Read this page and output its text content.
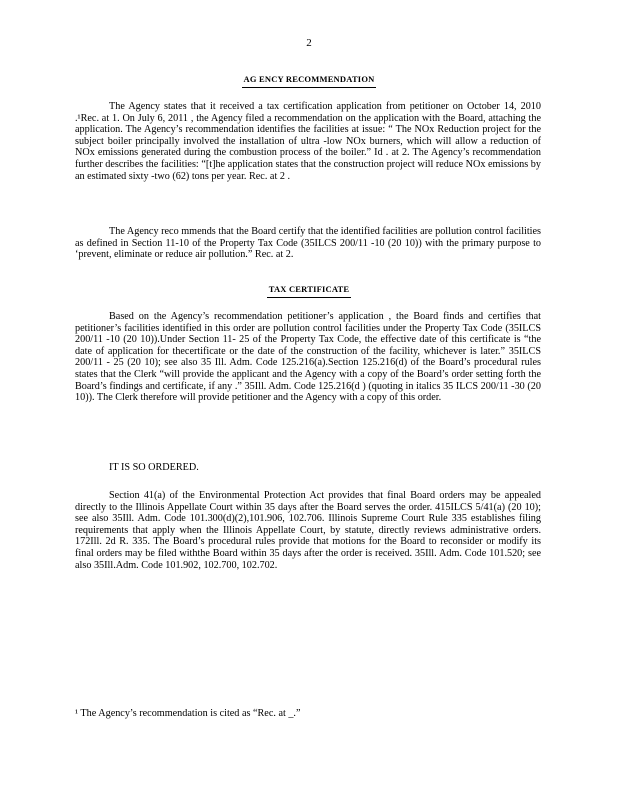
2
AG ENCY RECOMMENDATION

The Agency states that it received a tax certification application from petitioner on October 14, 2010 .¹Rec. at 1. On July 6, 2011 , the Agency filed a recommendation on the application with the Board, attaching the application. The Agency’s recommendation identifies the facilities at issue: “ The NOx Reduction project for the subject boiler principally involved the installation of ultra -low NOx burners, which will allow a reduction of NOx emissions generated during the combustion process of the boiler.” Id . at 2. The Agency’s recommendation further describes the facilities: “[t]he application states that the construction project will reduce NOx emissions by an estimated sixty -two (62) tons per year. Rec. at 2 .

The Agency reco mmends that the Board certify that the identified facilities are pollution control facilities as defined in Section 11-10 of the Property Tax Code (35ILCS 200/11 -10 (20 10)) with the primary purpose to ‘prevent, eliminate or reduce air pollution.” Rec. at 2.

TAX CERTIFICATE

Based on the Agency’s recommendation petitioner’s application , the Board finds and certifies that petitioner’s facilities identified in this order are pollution control facilities under the Property Tax Code (35ILCS 200/11 -10 (20 10)).Under Section 11- 25 of the Property Tax Code, the effective date of this certificate is “the date of application for thecertificate or the date of the construction of the facility, whichever is later.” 35ILCS 200/11 - 25 (20 10); see also 35 Ill. Adm. Code 125.216(a).Section 125.216(d) of the Board’s procedural rules states that the Clerk “will provide the applicant and the Agency with a copy of the Board’s order setting forth the Board’s findings and certificate, if any .” 35Ill. Adm. Code 125.216(d ) (quoting in italics 35 ILCS 200/11 -30 (20 10)). The Clerk therefore will provide petitioner and the Agency with a copy of this order.

IT IS SO ORDERED.

Section 41(a) of the Environmental Protection Act provides that final Board orders may be appealed directly to the Illinois Appellate Court within 35 days after the Board serves the order. 415ILCS 5/41(a) (20 10); see also 35Ill. Adm. Code 101.300(d)(2),101.906, 102.706. Illinois Supreme Court Rule 335 establishes filing requirements that apply when the Illinois Appellate Court, by statute, directly reviews administrative orders. 172Ill. 2d R. 335. The Board’s procedural rules provide that motions for the Board to reconsider or modify its final orders may be filed withthe Board within 35 days after the order is received. 35Ill. Adm. Code 101.520; see also 35Ill.Adm. Code 101.902, 102.700, 102.702.

¹ The Agency’s recommendation is cited as “Rec. at _.”
